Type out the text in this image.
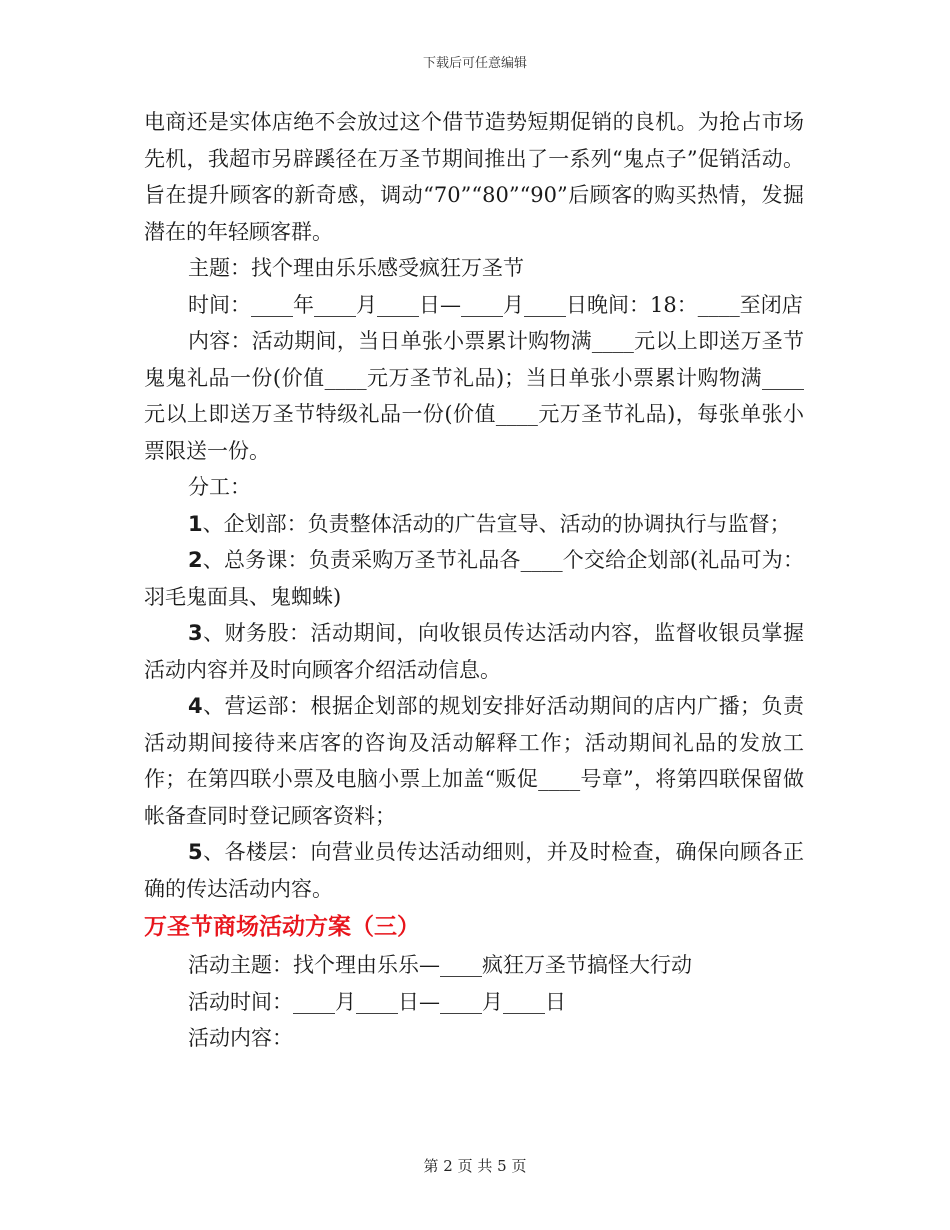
下载后可任意编辑

电商还是实体店绝不会放过这个借节造势短期促销的良机。为抢占市场先机，我超市另辟蹊径在万圣节期间推出了一系列“鬼点子”促销活动。旨在提升顾客的新奇感，调动“70”“80”“90”后顾客的购买热情，发掘潜在的年轻顾客群。

主题：找个理由乐乐感受疯狂万圣节

时间：____年____月____日—____月____日晚间：18：____至闭店

内容：活动期间，当日单张小票累计购物满____元以上即送万圣节鬼鬼礼品一份(价值____元万圣节礼品)；当日单张小票累计购物满____元以上即送万圣节特级礼品一份(价值____元万圣节礼品)，每张单张小票限送一份。

分工：

1、企划部：负责整体活动的广告宣导、活动的协调执行与监督；

2、总务课：负责采购万圣节礼品各____个交给企划部(礼品可为：羽毛鬼面具、鬼蜘蛛)

3、财务股：活动期间，向收银员传达活动内容，监督收银员掌握活动内容并及时向顾客介绍活动信息。

4、营运部：根据企划部的规划安排好活动期间的店内广播；负责活动期间接待来店客的咨询及活动解释工作；活动期间礼品的发放工作；在第四联小票及电脑小票上加盖“贩促____号章”，将第四联保留做帐备查同时登记顾客资料；

5、各楼层：向营业员传达活动细则，并及时检查，确保向顾各正确的传达活动内容。

万圣节商场活动方案（三）

活动主题：找个理由乐乐—____疯狂万圣节搞怪大行动

活动时间：____月____日—____月____日

活动内容：

第 2 页 共 5 页
